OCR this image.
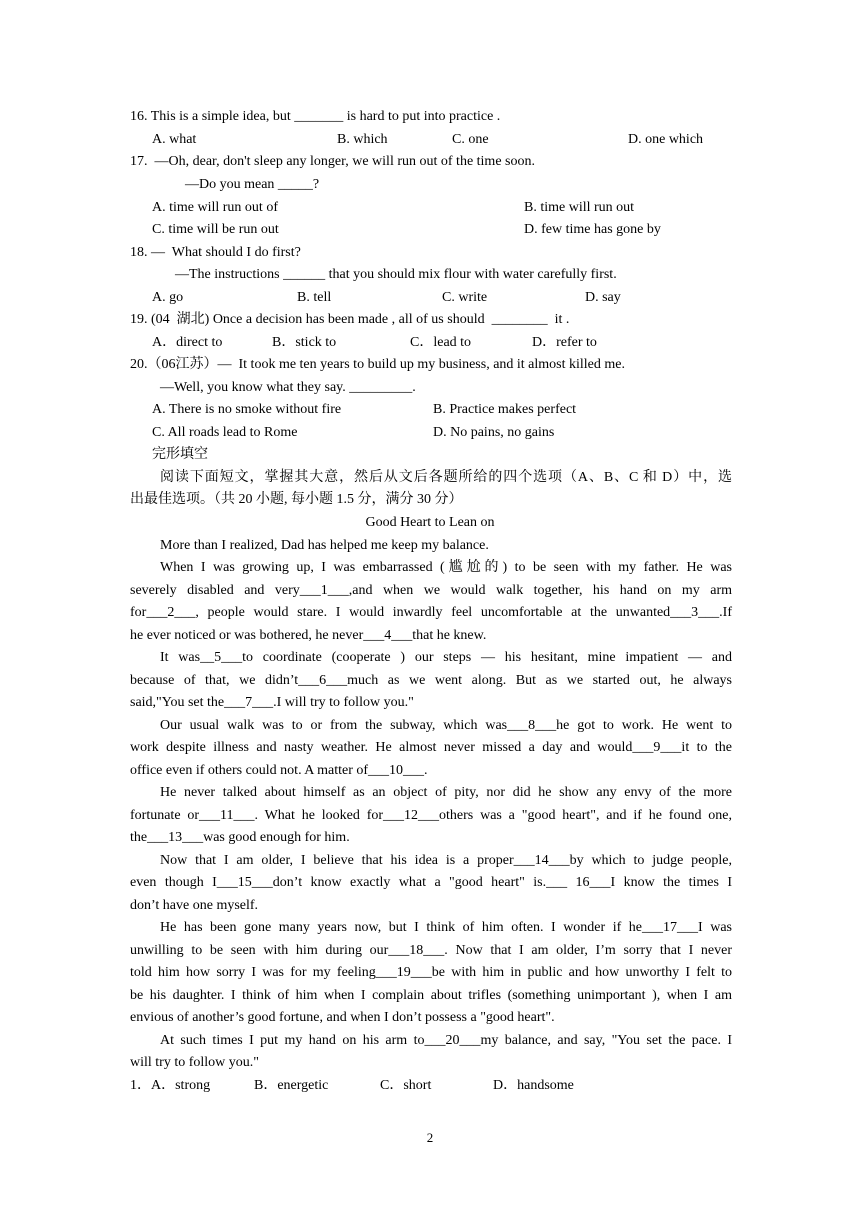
16. This is a simple idea, but _______ is hard to put into practice .
A. what	B. which	C. one	D. one which
17.  —Oh, dear, don't sleep any longer, we will run out of the time soon.
—Do you mean _____?
A. time will run out of	B. time will run out
C. time will be run out	D. few time has gone by
18. —  What should I do first?
—The instructions ______ that you should mix flour with water carefully first.
A. go	B. tell	C. write	D. say
19. (04  湖北) Once a decision has been made , all of us should  ________  it .
A．direct to	B．stick to	C．lead to	D．refer to
20.（06江苏）—  It took me ten years to build up my business, and it almost killed me.
—Well, you know what they say. _________.
A. There is no smoke without fire	B. Practice makes perfect
C. All roads lead to Rome	D. No pains, no gains
完形填空
阅读下面短文，掌握其大意，然后从文后各题所给的四个选项（A、B、C 和 D）中，选
出最佳选项。（共 20 小题, 每小题 1.5 分，满分 30 分）
Good Heart to Lean on
More than I realized, Dad has helped me keep my balance.
When I was growing up, I was embarrassed (尴尬的) to be seen with my father. He was
severely disabled and very___1___,and when we would walk together, his hand on my arm
for___2___, people would stare. I would inwardly feel uncomfortable at the unwanted___3___.If
he ever noticed or was bothered, he never___4___that he knew.
It was__5___to coordinate (cooperate ) our steps — his hesitant, mine impatient — and
because of that, we didn’t___6___much as we went along. But as we started out, he always
said,"You set the___7___.I will try to follow you."
Our usual walk was to or from the subway, which was___8___he got to work. He went to
work despite illness and nasty weather. He almost never missed a day and would___9___it to the
office even if others could not. A matter of___10___.
He never talked about himself as an object of pity, nor did he show any envy of the more
fortunate or___11___. What he looked for___12___others was a "good heart", and if he found one,
the___13___was good enough for him.
Now that I am older, I believe that his idea is a proper___14___by which to judge people,
even though I___15___don’t know exactly what a "good heart" is.___ 16___I know the times I
don’t have one myself.
He has been gone many years now, but I think of him often. I wonder if he___17___I was
unwilling to be seen with him during our___18___. Now that I am older, I’m sorry that I never
told him how sorry I was for my feeling___19___be with him in public and how unworthy I felt to
be his daughter. I think of him when I complain about trifles (something unimportant ), when I am
envious of another’s good fortune, and when I don’t possess a "good heart".
At such times I put my hand on his arm to___20___my balance, and say, "You set the pace. I
will try to follow you."
1．A．strong	B．energetic	C．short	D．handsome
2
